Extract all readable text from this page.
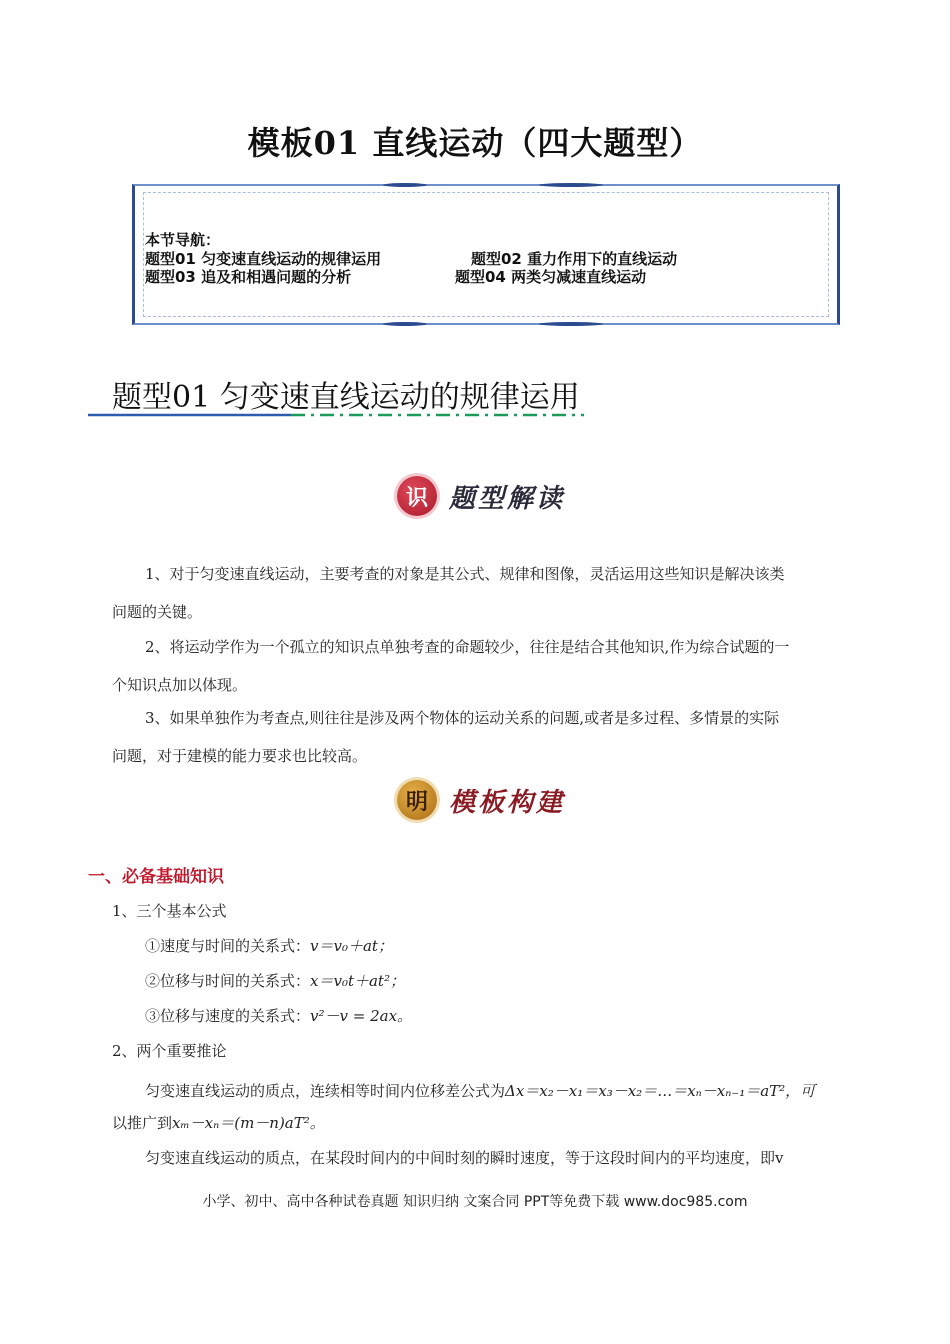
模板01 直线运动（四大题型）
本节导航：
题型01 匀变速直线运动的规律运用	题型02 重力作用下的直线运动
题型03 追及和相遇问题的分析	题型04 两类匀减速直线运动
题型01 匀变速直线运动的规律运用
识 题型解读
1、对于匀变速直线运动，主要考查的对象是其公式、规律和图像，灵活运用这些知识是解决该类
问题的关键。
2、将运动学作为一个孤立的知识点单独考查的命题较少，往往是结合其他知识,作为综合试题的一
个知识点加以体现。
3、如果单独作为考查点,则往往是涉及两个物体的运动关系的问题,或者是多过程、多情景的实际
问题，对于建模的能力要求也比较高。
明 模板构建
一、必备基础知识
1、三个基本公式
①速度与时间的关系式：v＝v₀＋at；
②位移与时间的关系式：x＝v₀t＋at²；
③位移与速度的关系式：v²－v = 2ax。
2、两个重要推论
匀变速直线运动的质点，连续相等时间内位移差公式为Δx＝x₂－x₁＝x₃－x₂＝…＝xₙ－xₙ₋₁＝aT²，可
以推广到xₘ－xₙ＝(m－n)aT²。
匀变速直线运动的质点，在某段时间内的中间时刻的瞬时速度，等于这段时间内的平均速度，即v
小学、初中、高中各种试卷真题 知识归纳 文案合同 PPT等免费下载 www.doc985.com
